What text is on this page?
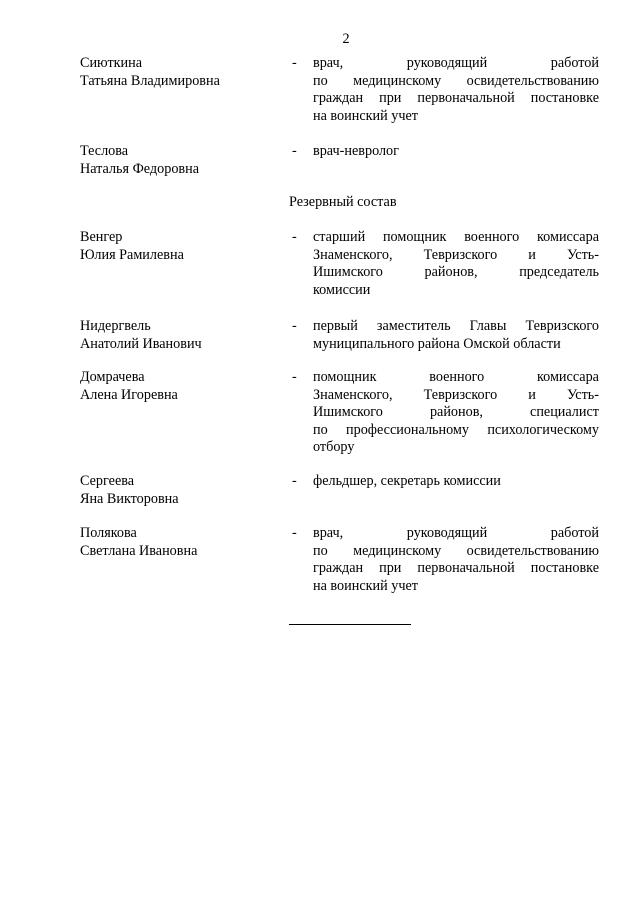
2
Сиюткина
Татьяна Владимировна
- врач,	руководящий	работой
по медицинскому освидетельствованию
граждан при первоначальной постановке
на воинский учет
Теслова
Наталья Федоровна
- врач-невролог
Резервный состав
Венгер
Юлия Рамилевна
- старший помощник военного комиссара
Знаменского, Тевризского и Усть-
Ишимского	районов,	председатель
комиссии
Нидергвель
Анатолий Иванович
- первый заместитель Главы Тевризского
муниципального района Омской области
Домрачева
Алена Игоревна
- помощник	военного	комиссара
Знаменского, Тевризского и Усть-
Ишимского	районов,	специалист
по профессиональному психологическому
отбору
Сергеева
Яна Викторовна
- фельдшер, секретарь комиссии
Полякова
Светлана Ивановна
- врач,	руководящий	работой
по медицинскому освидетельствованию
граждан при первоначальной постановке
на воинский учет
